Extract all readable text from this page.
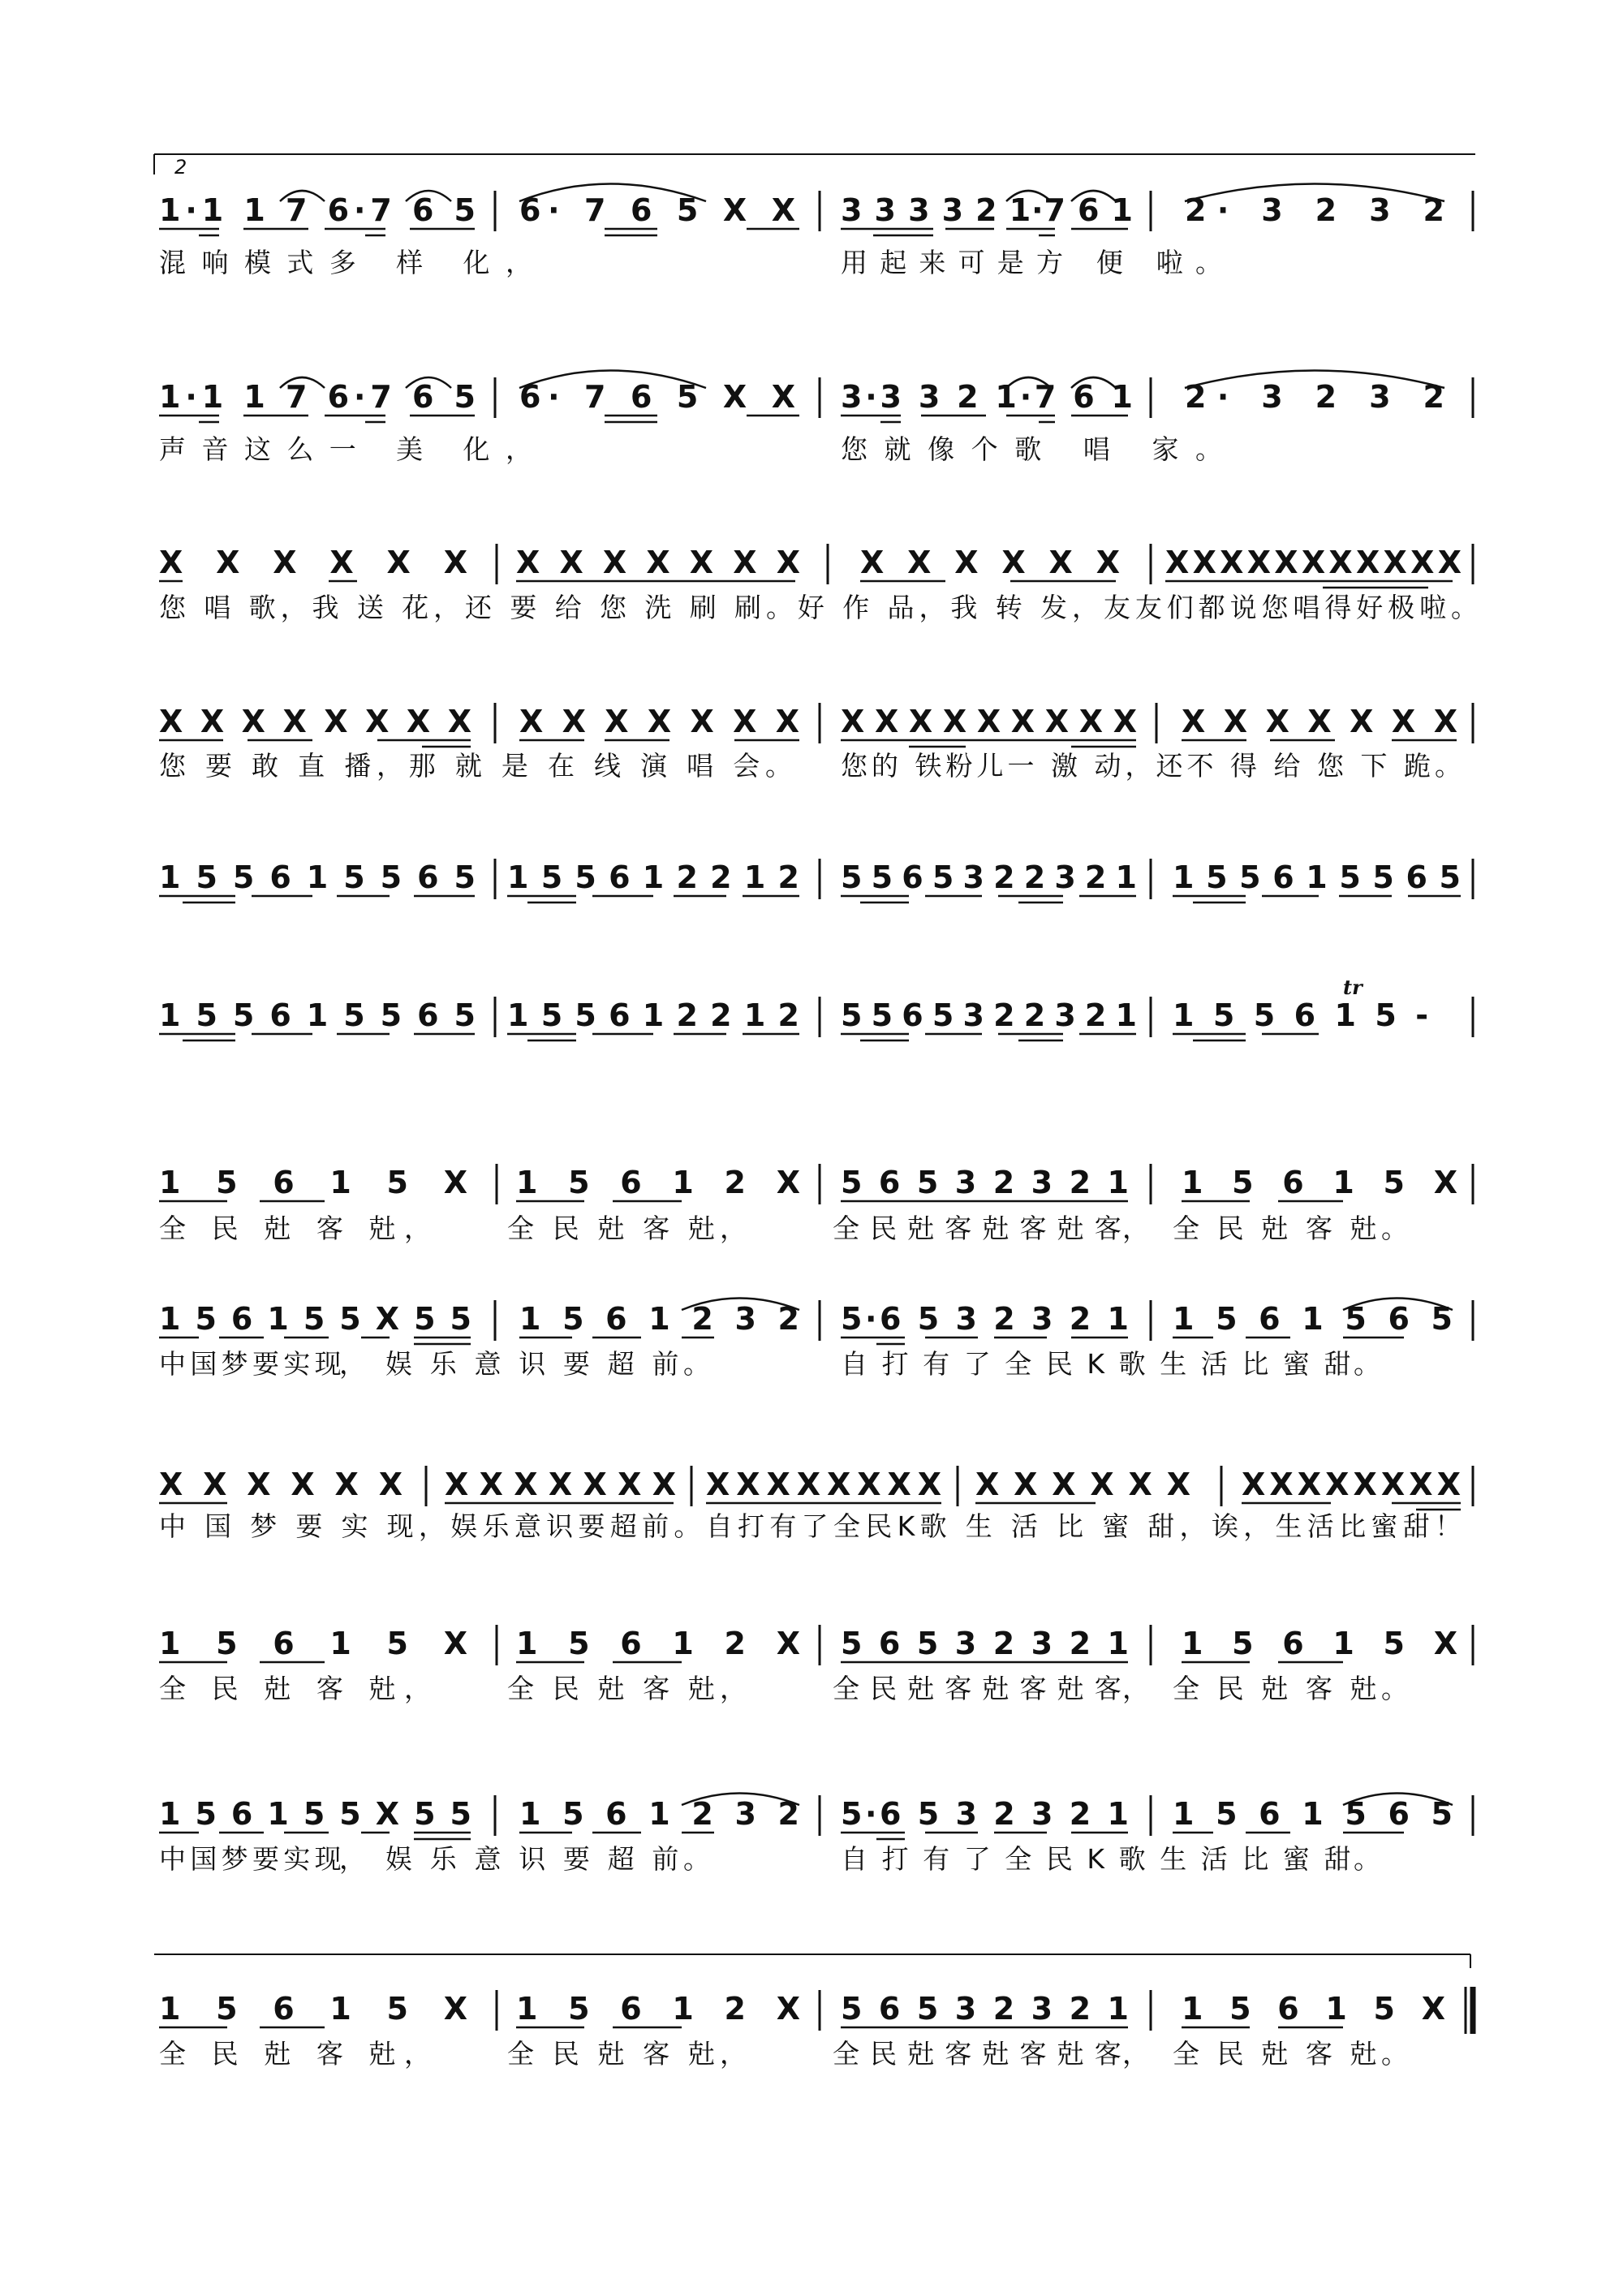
2
1·1 1 7 6·7 6 5 6· 7 6 5 X X 3 3 3 3 2 1·7 6 1 2· 3 2 3 2
混响模式多 样 化，	用起来可是方 便 啦。
1·1 1 7 6·7 6 5 6· 7 6 5 X X 3·3 3 2 1·7 6 1 2· 3 2 3 2
声音这么一 美 化，	您就像个歌 唱 家。
X X X X X X X X X X X X X X X X X X X X X X X X X X X X X X
您 唱 歌，我 送 花，还 要 给 您 洗 刷 刷。好 作 品，我 转 发，友友们都说您唱得好极啦。
X X X X X X X X X X X X X X X X X X X X X X X X X X X X X X X
您 要 敢 直 播，那 就 是 在 线 演 唱 会。 您的 铁粉儿一 激 动，还不 得 给 您 下 跪。
1 5 5 6 1 5 5 6 5 1 5 5 6 1 2 2 1 2 5 5 6 5 3 2 2 3 2 1 1 5 5 6 1 5 5 6 5
1 5 5 6 1 5 5 6 5 1 5 5 6 1 2 2 1 2 5 5 6 5 3 2 2 3 2 1 1 5 5 6 1 5 -
tr
1 5 6 1 5 X 1 5 6 1 2 X 5 6 5 3 2 3 2 1 1 5 6 1 5 X
全 民 兙 客 兙，	全 民 兙 客 兙，	全 民 兙 客 兙 客 兙 客， 全 民 兙 客 兙。
1 5 6 1 5 5 X 5 5 1 5 6 1 2 3 2 5·6 5 3 2 3 2 1 1 5 6 1 5 6 5
中 国 梦 要 实 现， 娱 乐 意 识 要 超 前。	自 打 有 了 全 民 K 歌 生 活 比 蜜 甜。
X X X X X X X X X X X X X X X X X X X X X X X X X X X X X X X X X X X
中 国 梦 要 实 现，娱乐意识要超前。自打有了全民K歌 生 活 比 蜜 甜，诶，生活比蜜甜！
1 5 6 1 5 X 1 5 6 1 2 X 5 6 5 3 2 3 2 1 1 5 6 1 5 X
全 民 兙 客 兙，	全 民 兙 客 兙，	全 民 兙 客 兙 客 兙 客， 全 民 兙 客 兙。
1 5 6 1 5 5 X 5 5 1 5 6 1 2 3 2 5·6 5 3 2 3 2 1 1 5 6 1 5 6 5
中 国 梦 要 实 现， 娱 乐 意 识 要 超 前。	自 打 有 了 全 民 K 歌 生 活 比 蜜 甜。
1 5 6 1 5 X 1 5 6 1 2 X 5 6 5 3 2 3 2 1 1 5 6 1 5 X
全 民 兙 客 兙，	全 民 兙 客 兙，	全 民 兙 客 兙 客 兙 客， 全 民 兙 客 兙。
